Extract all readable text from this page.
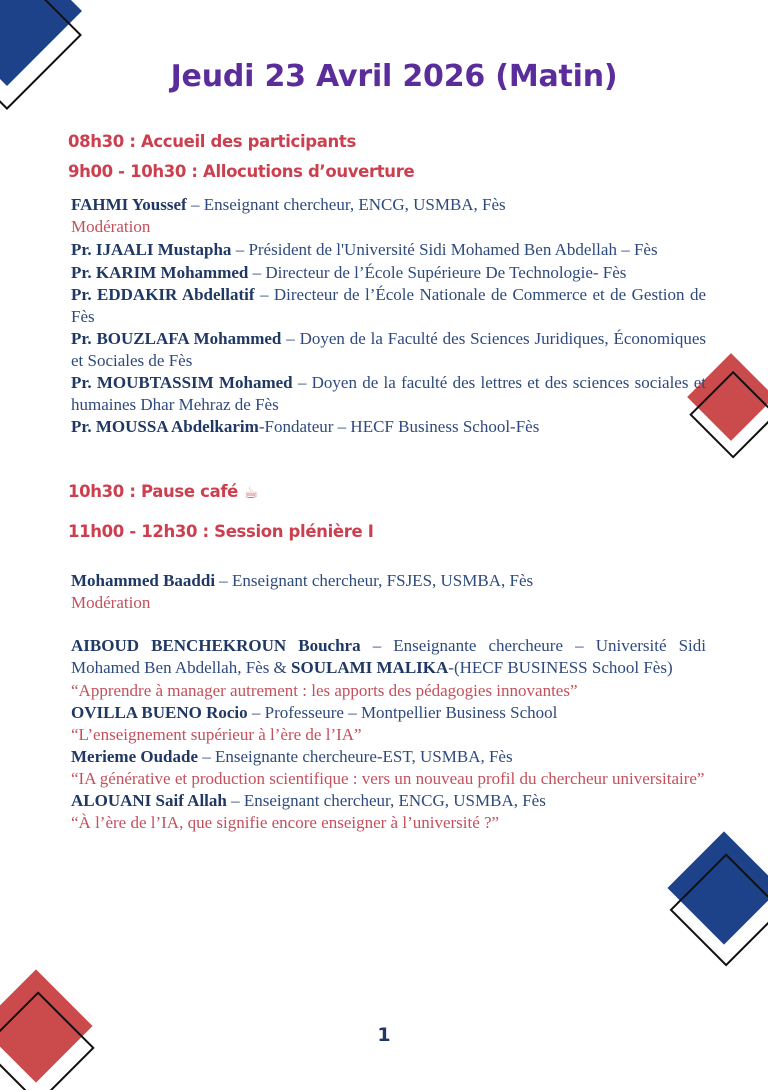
Jeudi 23 Avril 2026 (Matin)
08h30 : Accueil des participants
9h00 - 10h30 : Allocutions d’ouverture

FAHMI Youssef – Enseignant chercheur, ENCG, USMBA, Fès

Modération

Pr. IJAALI Mustapha – Président de l'Université Sidi Mohamed Ben Abdellah – Fès

Pr. KARIM Mohammed – Directeur de l’École Supérieure De Technologie- Fès

Pr. EDDAKIR Abdellatif – Directeur de l’École Nationale de Commerce et de Gestion de Fès

Pr. BOUZLAFA Mohammed – Doyen de la Faculté des Sciences Juridiques, Économiques et Sociales de Fès

Pr. MOUBTASSIM Mohamed – Doyen de la faculté des lettres et des sciences sociales et humaines Dhar Mehraz de Fès

Pr. MOUSSA Abdelkarim-Fondateur – HECF Business School-Fès

10h30 : Pause café ☕
11h00 - 12h30 : Session plénière I

Mohammed Baaddi – Enseignant chercheur, FSJES, USMBA, Fès

Modération

AIBOUD BENCHEKROUN Bouchra – Enseignante chercheure – Université Sidi Mohamed Ben Abdellah, Fès & SOULAMI MALIKA-(HECF BUSINESS School Fès)

“Apprendre à manager autrement : les apports des pédagogies innovantes”

OVILLA BUENO Rocio – Professeure – Montpellier Business School

“L’enseignement supérieur à l’ère de l’IA”

Merieme Oudade – Enseignante chercheure-EST, USMBA, Fès

“IA générative et production scientifique : vers un nouveau profil du chercheur universitaire”

ALOUANI Saif Allah – Enseignant chercheur, ENCG, USMBA, Fès

“À l’ère de l’IA, que signifie encore enseigner à l’université ?”

1
